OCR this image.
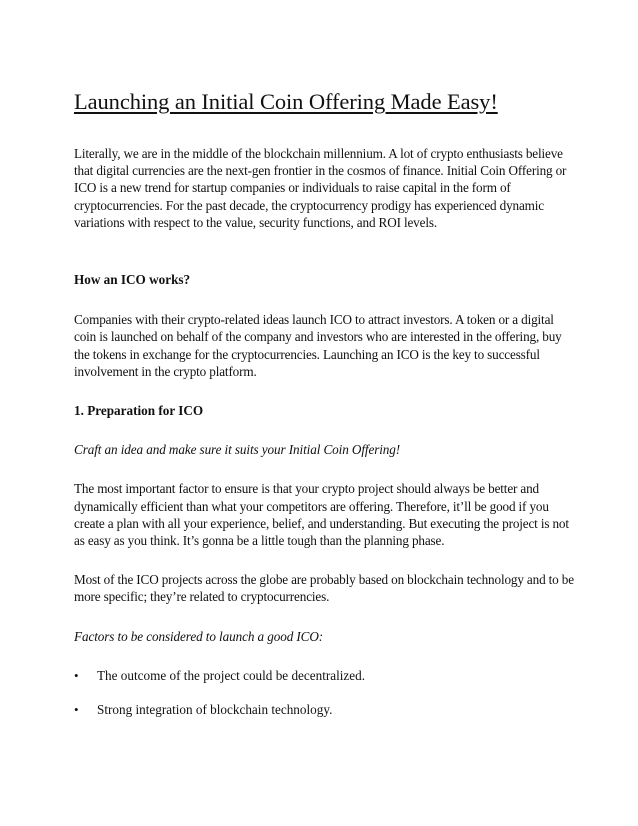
Launching an Initial Coin Offering Made Easy!

Literally, we are in the middle of the blockchain millennium. A lot of crypto enthusiasts believe that digital currencies are the next-gen frontier in the cosmos of finance. Initial Coin Offering or ICO is a new trend for startup companies or individuals to raise capital in the form of cryptocurrencies. For the past decade, the cryptocurrency prodigy has experienced dynamic variations with respect to the value, security functions, and ROI levels.

How an ICO works?

Companies with their crypto-related ideas launch ICO to attract investors. A token or a digital coin is launched on behalf of the company and investors who are interested in the offering, buy the tokens in exchange for the cryptocurrencies. Launching an ICO is the key to successful involvement in the crypto platform.

1. Preparation for ICO

Craft an idea and make sure it suits your Initial Coin Offering!

The most important factor to ensure is that your crypto project should always be better and dynamically efficient than what your competitors are offering. Therefore, it’ll be good if you create a plan with all your experience, belief, and understanding. But executing the project is not as easy as you think. It’s gonna be a little tough than the planning phase.

Most of the ICO projects across the globe are probably based on blockchain technology and to be more specific; they’re related to cryptocurrencies.

Factors to be considered to launch a good ICO:

• The outcome of the project could be decentralized.
• Strong integration of blockchain technology.
